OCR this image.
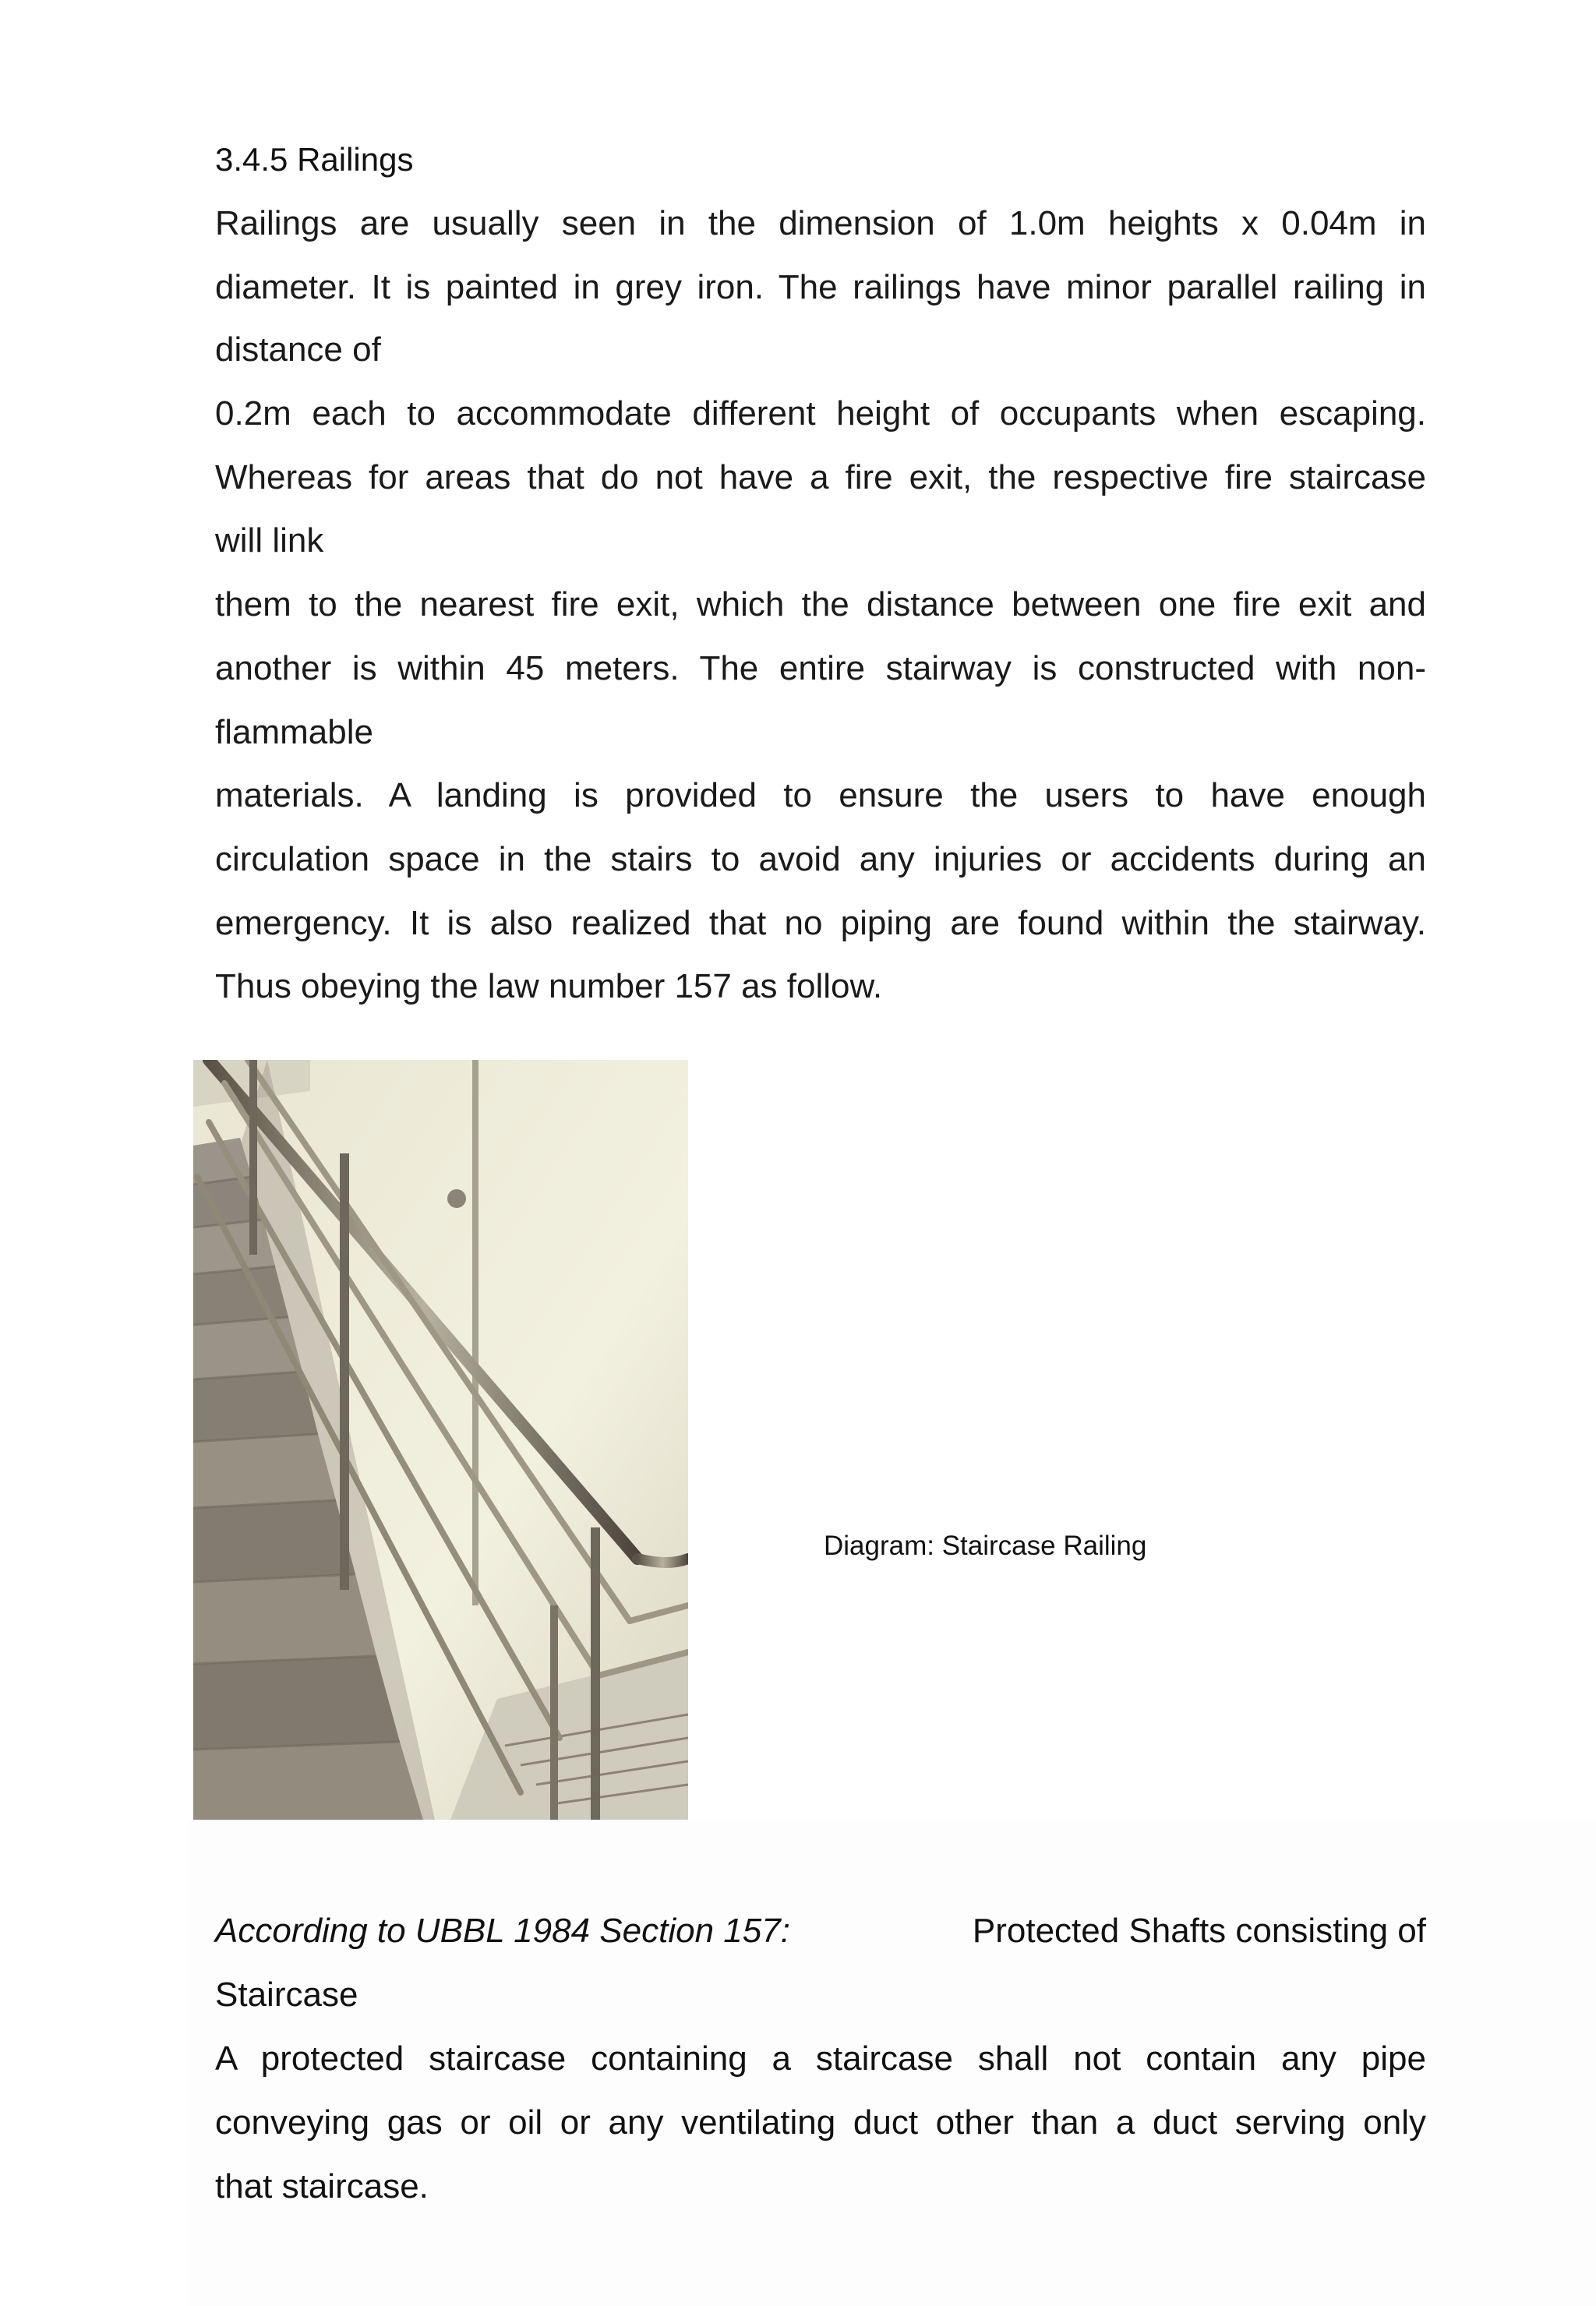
3.4.5 Railings
Railings are usually seen in the dimension of 1.0m heights x 0.04m in
diameter. It is painted in grey iron. The railings have minor parallel railing in
distance of
0.2m each to accommodate different height of occupants when escaping.
Whereas for areas that do not have a fire exit, the respective fire staircase
will link
them to the nearest fire exit, which the distance between one fire exit and
another is within 45 meters. The entire stairway is constructed with non-
flammable
materials. A landing is provided to ensure the users to have enough
circulation space in the stairs to avoid any injuries or accidents during an
emergency. It is also realized that no piping are found within the stairway.
Thus obeying the law number 157 as follow.
Diagram: Staircase Railing
According to UBBL 1984 Section 157:	Protected Shafts consisting of
Staircase
A protected staircase containing a staircase shall not contain any pipe
conveying gas or oil or any ventilating duct other than a duct serving only
that staircase.
